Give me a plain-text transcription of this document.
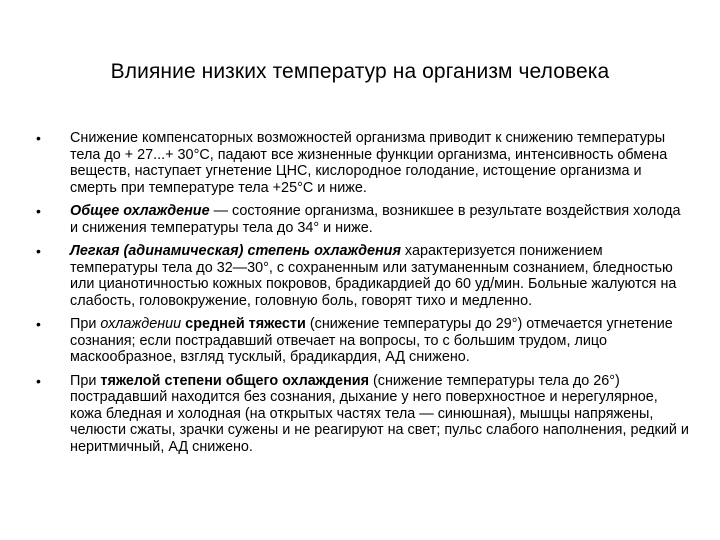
Влияние низких температур на организм человека
•	Снижение компенсаторных возможностей организма приводит к снижению температуры тела до + 27...+ 30°С, падают все жизненные функции организма, интенсивность обмена веществ, наступает угнетение ЦНС, кислородное голодание, истощение организма и смерть при температуре тела +25°С и ниже.
•	Общее охлаждение — состояние организма, возникшее в результате воздействия холода и снижения температуры тела до 34° и ниже.
•	Легкая (адинамическая) степень охлаждения характеризуется понижением температуры тела до 32—30°, с сохраненным или затуманенным сознанием, бледностью или цианотичностью кожных покровов, брадикардией до 60 уд/мин. Больные жалуются на слабость, головокружение, головную боль, говорят тихо и медленно.
•	При охлаждении средней тяжести (снижение температуры до 29°) отмечается угнетение сознания; если пострадавший отвечает на вопросы, то с большим трудом, лицо маскообразное, взгляд тусклый, брадикардия, АД снижено.
•	При тяжелой степени общего охлаждения (снижение температуры тела до 26°) пострадавший находится без сознания, дыхание у него поверхностное и нерегулярное, кожа бледная и холодная (на открытых частях тела — синюшная), мышцы напряжены, челюсти сжаты, зрачки сужены и не реагируют на свет; пульс слабого наполнения, редкий и неритмичный, АД снижено.
